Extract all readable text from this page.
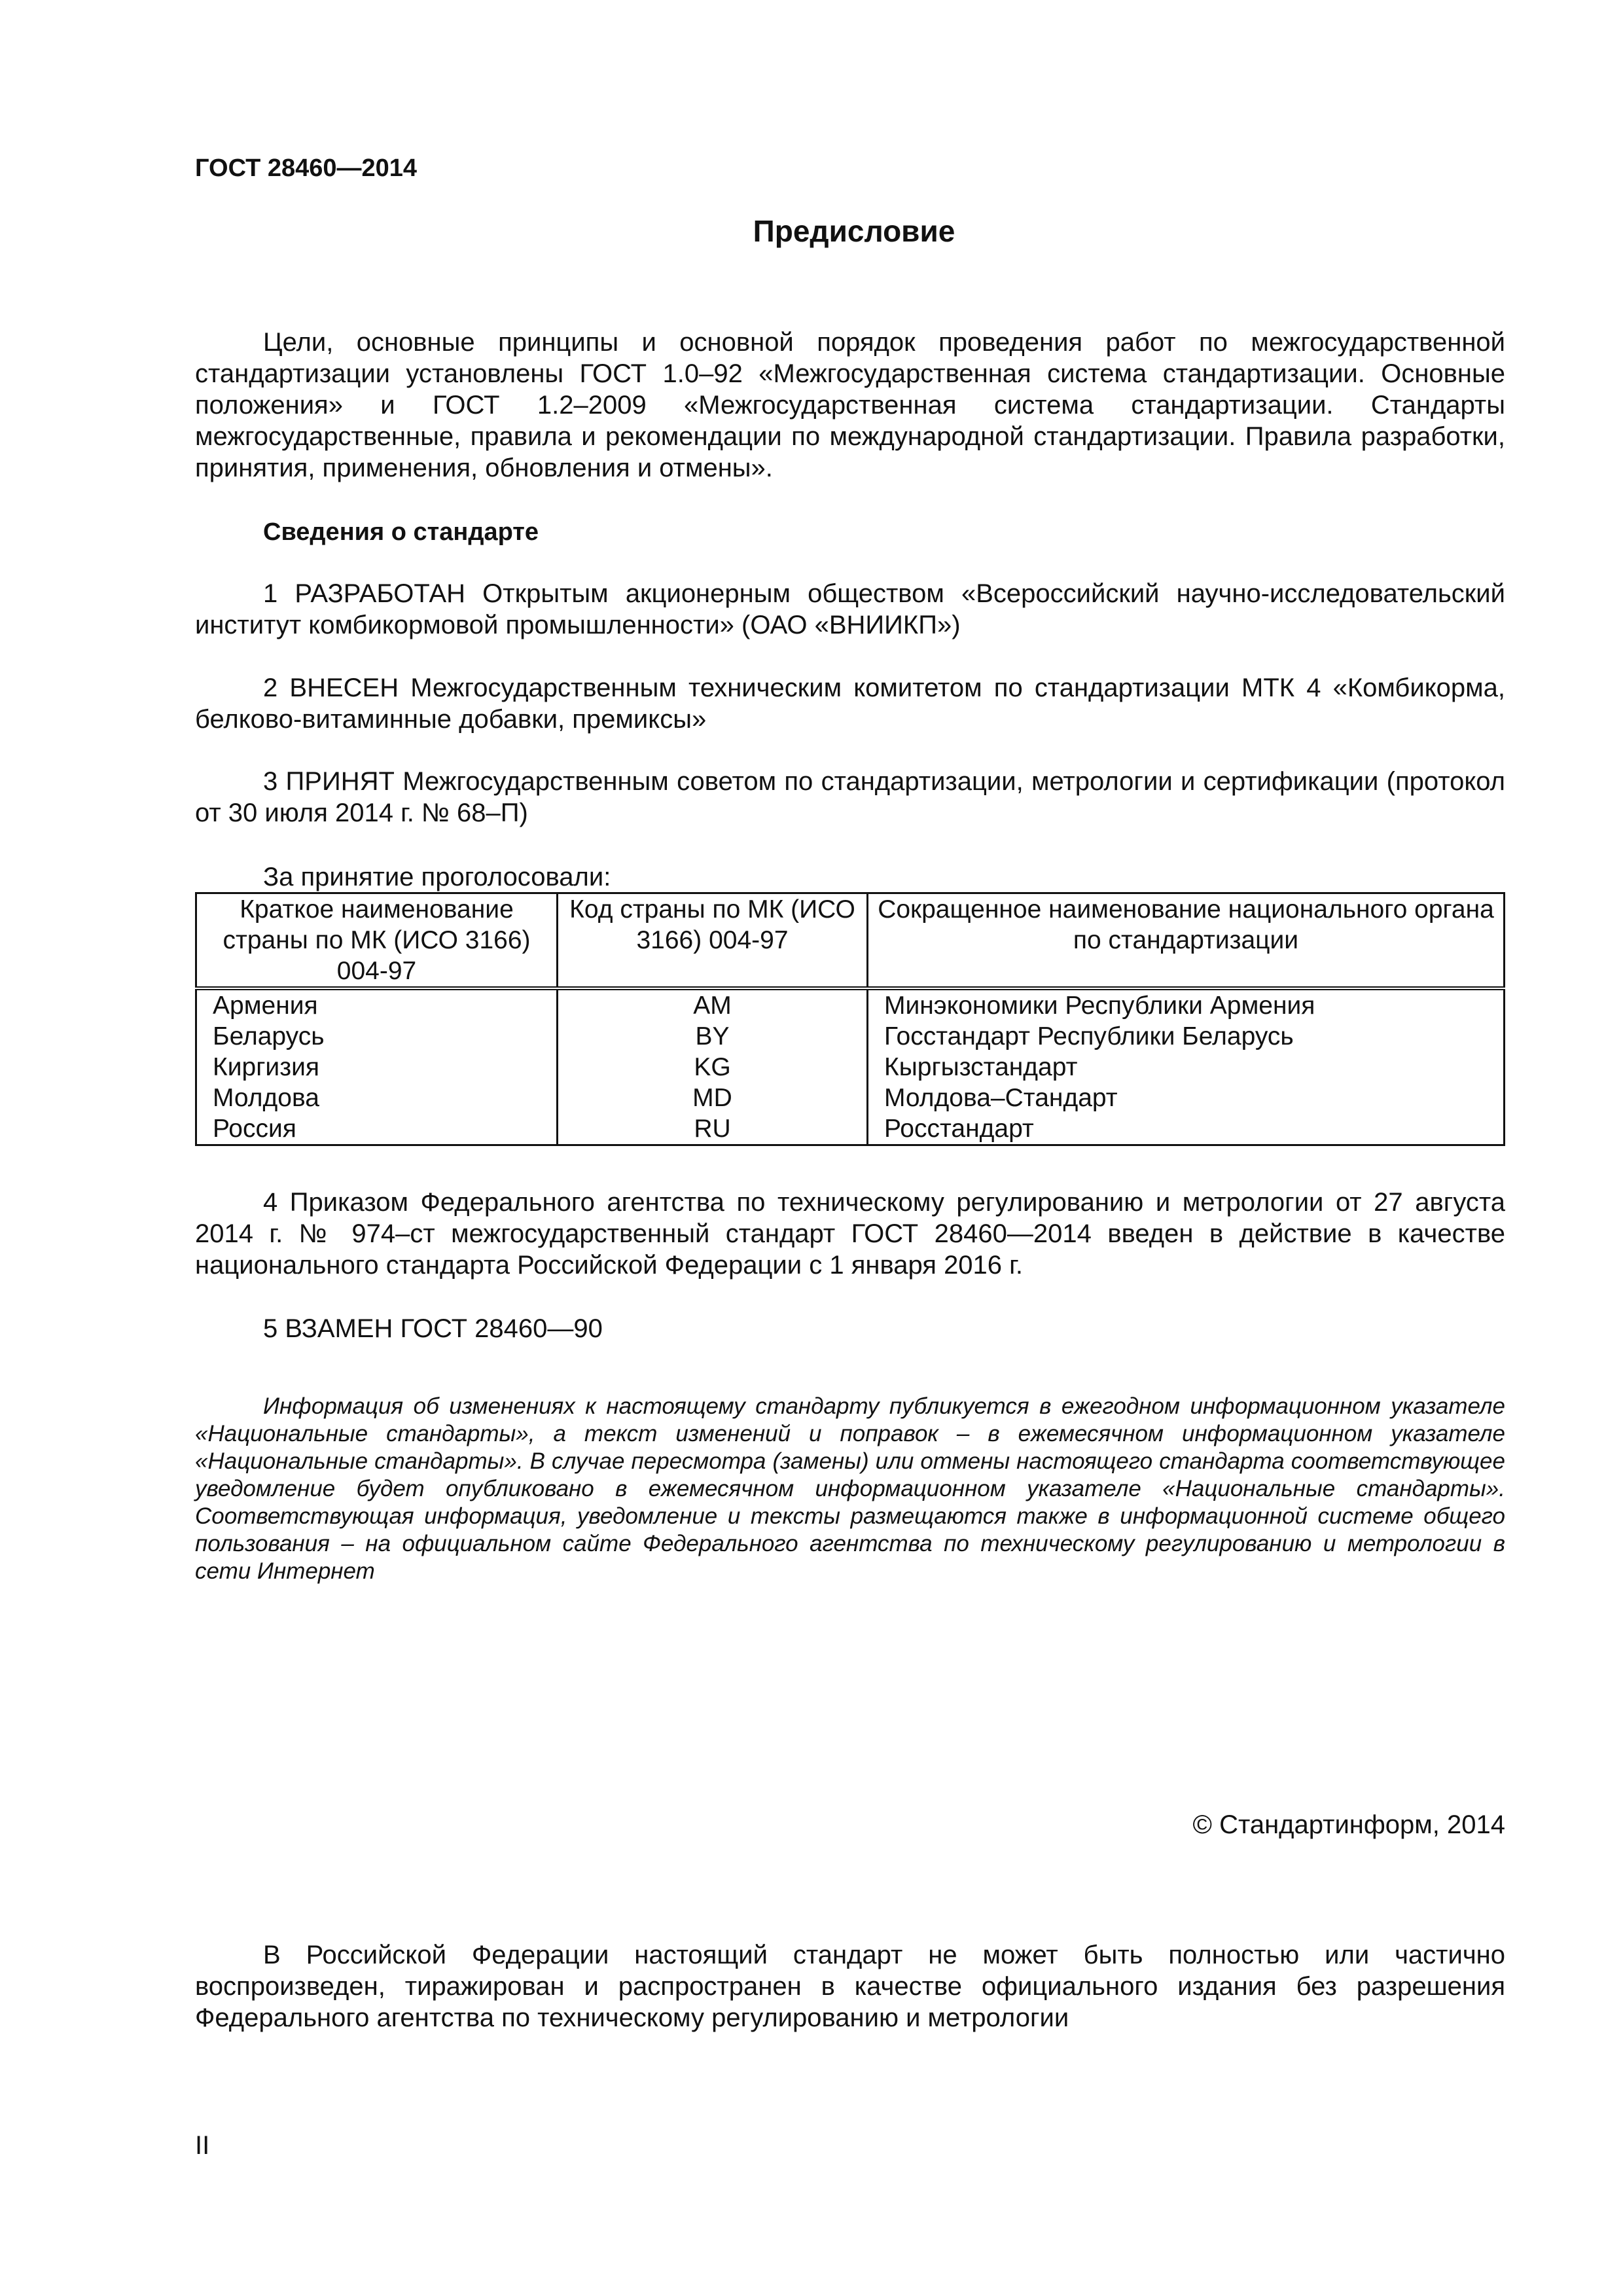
ГОСТ 28460—2014
Предисловие
Цели, основные принципы и основной порядок проведения работ по межгосударственной стандартизации установлены ГОСТ 1.0–92 «Межгосударственная система стандартизации. Основные положения» и ГОСТ 1.2–2009 «Межгосударственная система стандартизации. Стандарты межгосударственные, правила и рекомендации по международной стандартизации. Правила разработки, принятия, применения, обновления и отмены».
Сведения о стандарте
1 РАЗРАБОТАН Открытым акционерным обществом «Всероссийский научно-исследовательский институт комбикормовой промышленности» (ОАО «ВНИИКП»)
2 ВНЕСЕН Межгосударственным техническим комитетом по стандартизации МТК 4 «Комбикорма, белково-витаминные добавки, премиксы»
3 ПРИНЯТ Межгосударственным советом по стандартизации, метрологии и сертификации (протокол от 30 июля 2014 г. № 68–П)
За принятие проголосовали:
Краткое наименование страны по МК (ИСО 3166) 004-97	Код страны по МК (ИСО 3166) 004-97	Сокращенное наименование национального органа по стандартизации
Армения	AM	Минэкономики Республики Армения
Беларусь	BY	Госстандарт Республики Беларусь
Киргизия	KG	Кыргызстандарт
Молдова	MD	Молдова–Стандарт
Россия	RU	Росстандарт
4 Приказом Федерального агентства по техническому регулированию и метрологии от 27 августа 2014 г. № 974–ст межгосударственный стандарт ГОСТ 28460—2014 введен в действие в качестве национального стандарта Российской Федерации с 1 января 2016 г.
5 ВЗАМЕН ГОСТ 28460—90
Информация об изменениях к настоящему стандарту публикуется в ежегодном информационном указателе «Национальные стандарты», а текст изменений и поправок – в ежемесячном информационном указателе «Национальные стандарты». В случае пересмотра (замены) или отмены настоящего стандарта соответствующее уведомление будет опубликовано в ежемесячном информационном указателе «Национальные стандарты». Соответствующая информация, уведомление и тексты размещаются также в информационной системе общего пользования – на официальном сайте Федерального агентства по техническому регулированию и метрологии в сети Интернет
© Стандартинформ, 2014
В Российской Федерации настоящий стандарт не может быть полностью или частично воспроизведен, тиражирован и распространен в качестве официального издания без разрешения Федерального агентства по техническому регулированию и метрологии
II
